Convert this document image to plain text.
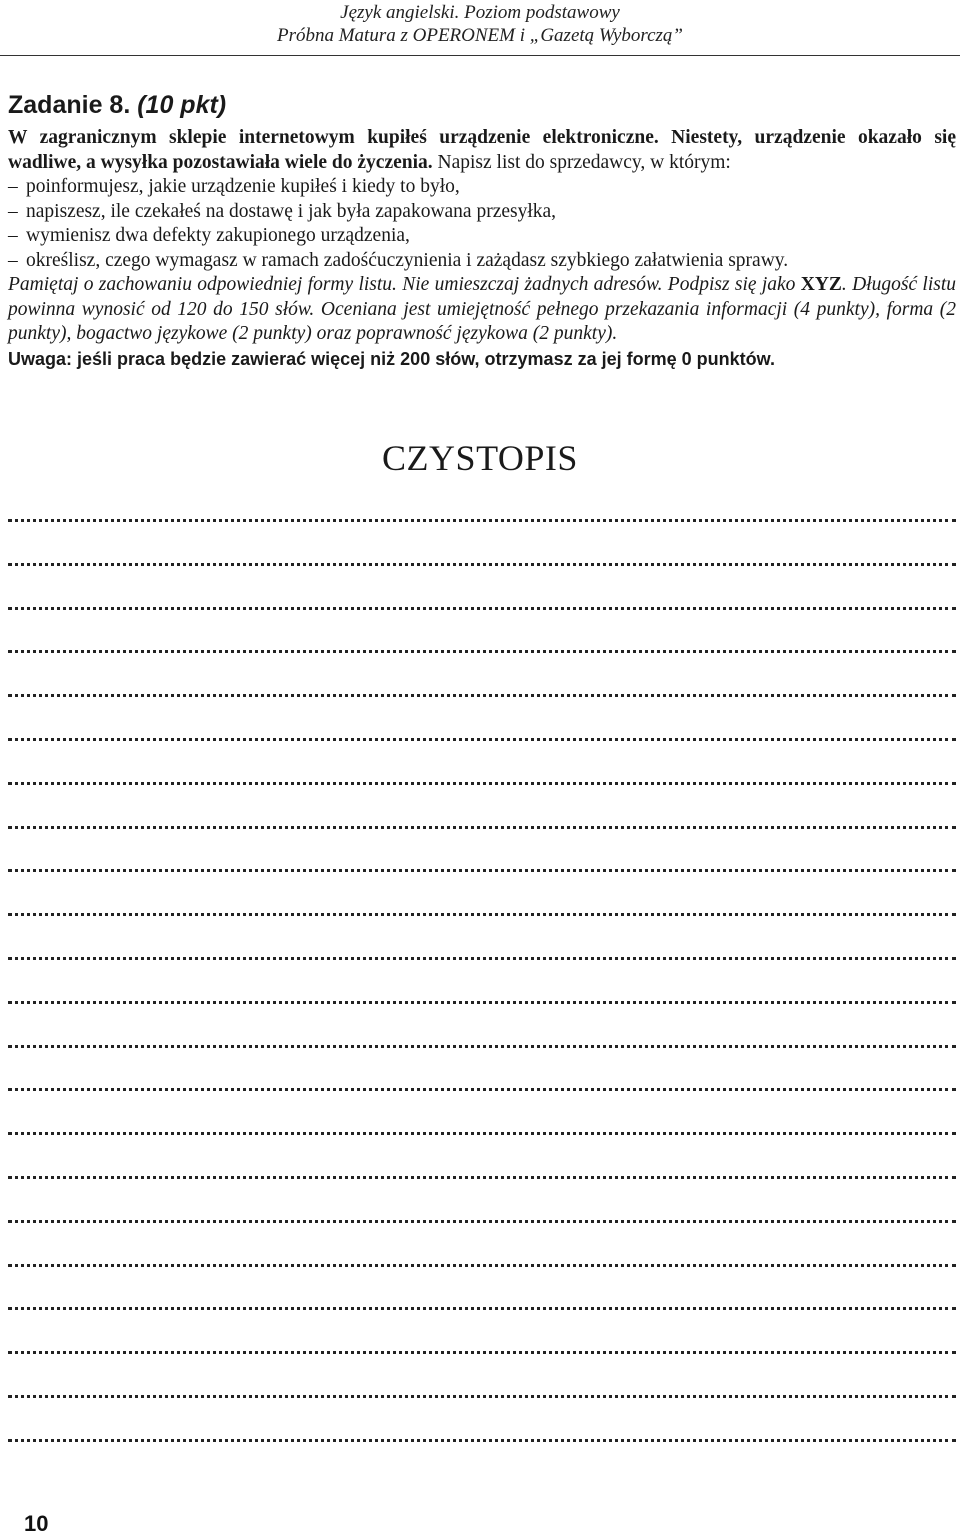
Język angielski. Poziom podstawowy
Próbna Matura z OPERONEM i „Gazetą Wyborczą”
Zadanie 8. (10 pkt)

W zagranicznym sklepie internetowym kupiłeś urządzenie elektroniczne. Niestety, urządzenie okazało się wadliwe, a wysyłka pozostawiała wiele do życzenia. Napisz list do sprzedawcy, w którym:

– poinformujesz, jakie urządzenie kupiłeś i kiedy to było,

– napiszesz, ile czekałeś na dostawę i jak była zapakowana przesyłka,

– wymienisz dwa defekty zakupionego urządzenia,

– określisz, czego wymagasz w ramach zadośćuczynienia i zażądasz szybkiego załatwienia sprawy.

Pamiętaj o zachowaniu odpowiedniej formy listu. Nie umieszczaj żadnych adresów. Podpisz się jako XYZ. Długość listu powinna wynosić od 120 do 150 słów. Oceniana jest umiejętność pełnego przekazania informacji (4 punkty), forma (2 punkty), bogactwo językowe (2 punkty) oraz poprawność językowa (2 punkty).

Uwaga: jeśli praca będzie zawierać więcej niż 200 słów, otrzymasz za jej formę 0 punktów.

CZYSTOPIS
10
